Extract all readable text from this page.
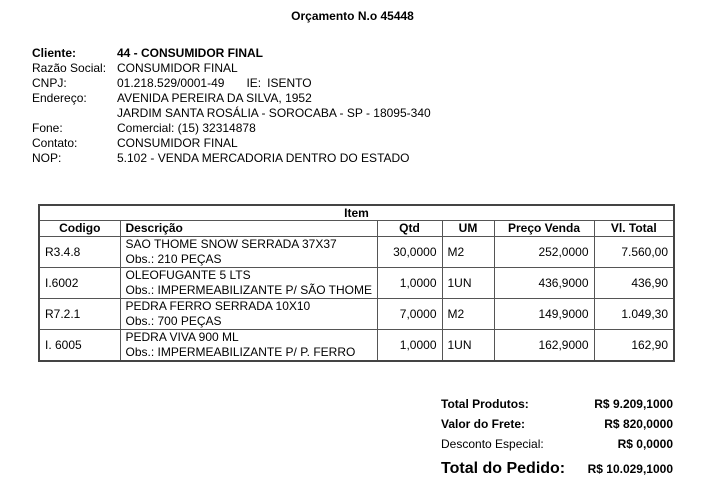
Orçamento N.o 45448
Cliente:	44 - CONSUMIDOR FINAL
Razão Social: CONSUMIDOR FINAL
CNPJ:	01.218.529/0001-49 IE: ISENTO
Endereço:	AVENIDA PEREIRA DA SILVA, 1952
JARDIM SANTA ROSÁLIA - SOROCABA - SP - 18095-340
Fone:	Comercial: (15) 32314878
Contato:	CONSUMIDOR FINAL
NOP:	5.102 - VENDA MERCADORIA DENTRO DO ESTADO
Item					
Codigo	Descrição	Qtd	UM	Preço Venda	Vl. Total
R3.4.8	SAO THOME SNOW SERRADA 37X37
Obs.: 210 PEÇAS	30,0000	M2	252,0000	7.560,00
I.6002	OLEOFUGANTE 5 LTS
Obs.: IMPERMEABILIZANTE P/ SÃO THOME	1,0000	1UN	436,9000	436,90
R7.2.1	PEDRA FERRO SERRADA 10X10
Obs.: 700 PEÇAS	7,0000	M2	149,9000	1.049,30
I. 6005	PEDRA VIVA 900 ML
Obs.: IMPERMEABILIZANTE P/ P. FERRO	1,0000	1UN	162,9000	162,90
Total Produtos:	R$ 9.209,1000
Valor do Frete:	R$ 820,0000
Desconto Especial:	R$ 0,0000
Total do Pedido: R$ 10.029,1000
